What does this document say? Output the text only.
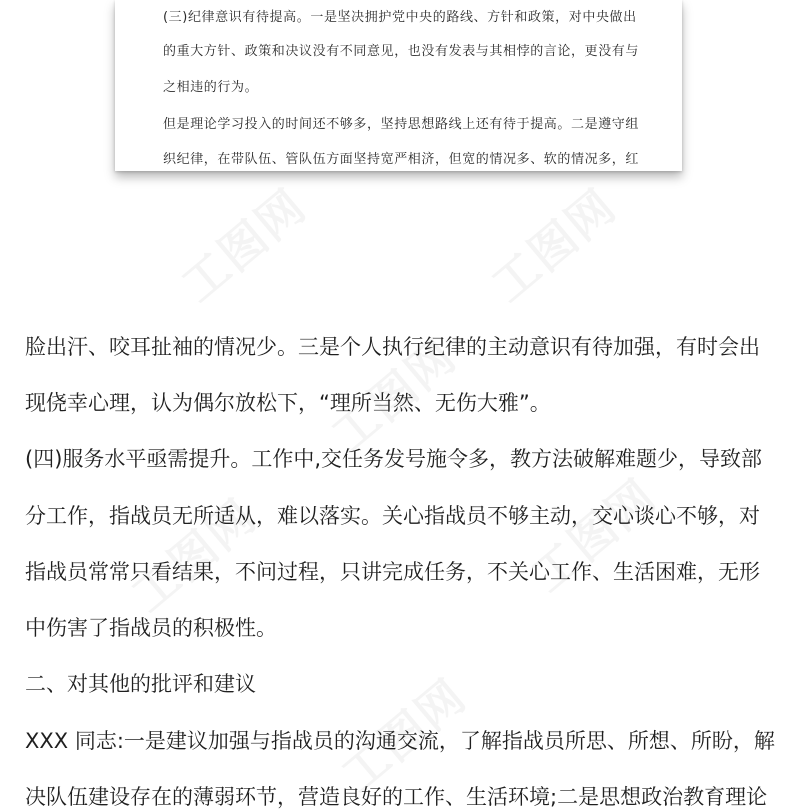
(三)纪律意识有待提高。一是坚决拥护党中央的路线、方针和政策，对中央做出
的重大方针、政策和决议没有不同意见，也没有发表与其相悖的言论，更没有与
之相违的行为。
但是理论学习投入的时间还不够多，坚持思想路线上还有待于提高。二是遵守组
织纪律，在带队伍、管队伍方面坚持宽严相济，但宽的情况多、软的情况多，红
工图网	工图网
工图网
工图网	工图网
工图网
脸出汗、咬耳扯袖的情况少。三是个人执行纪律的主动意识有待加强，有时会出
现侥幸心理，认为偶尔放松下，“理所当然、无伤大雅”。
(四)服务水平亟需提升。工作中,交任务发号施令多，教方法破解难题少，导致部
分工作，指战员无所适从，难以落实。关心指战员不够主动，交心谈心不够，对
指战员常常只看结果，不问过程，只讲完成任务，不关心工作、生活困难，无形
中伤害了指战员的积极性。
二、对其他的批评和建议
XXX 同志:一是建议加强与指战员的沟通交流，了解指战员所思、所想、所盼，解
决队伍建设存在的薄弱环节，营造良好的工作、生活环境;二是思想政治教育理论
